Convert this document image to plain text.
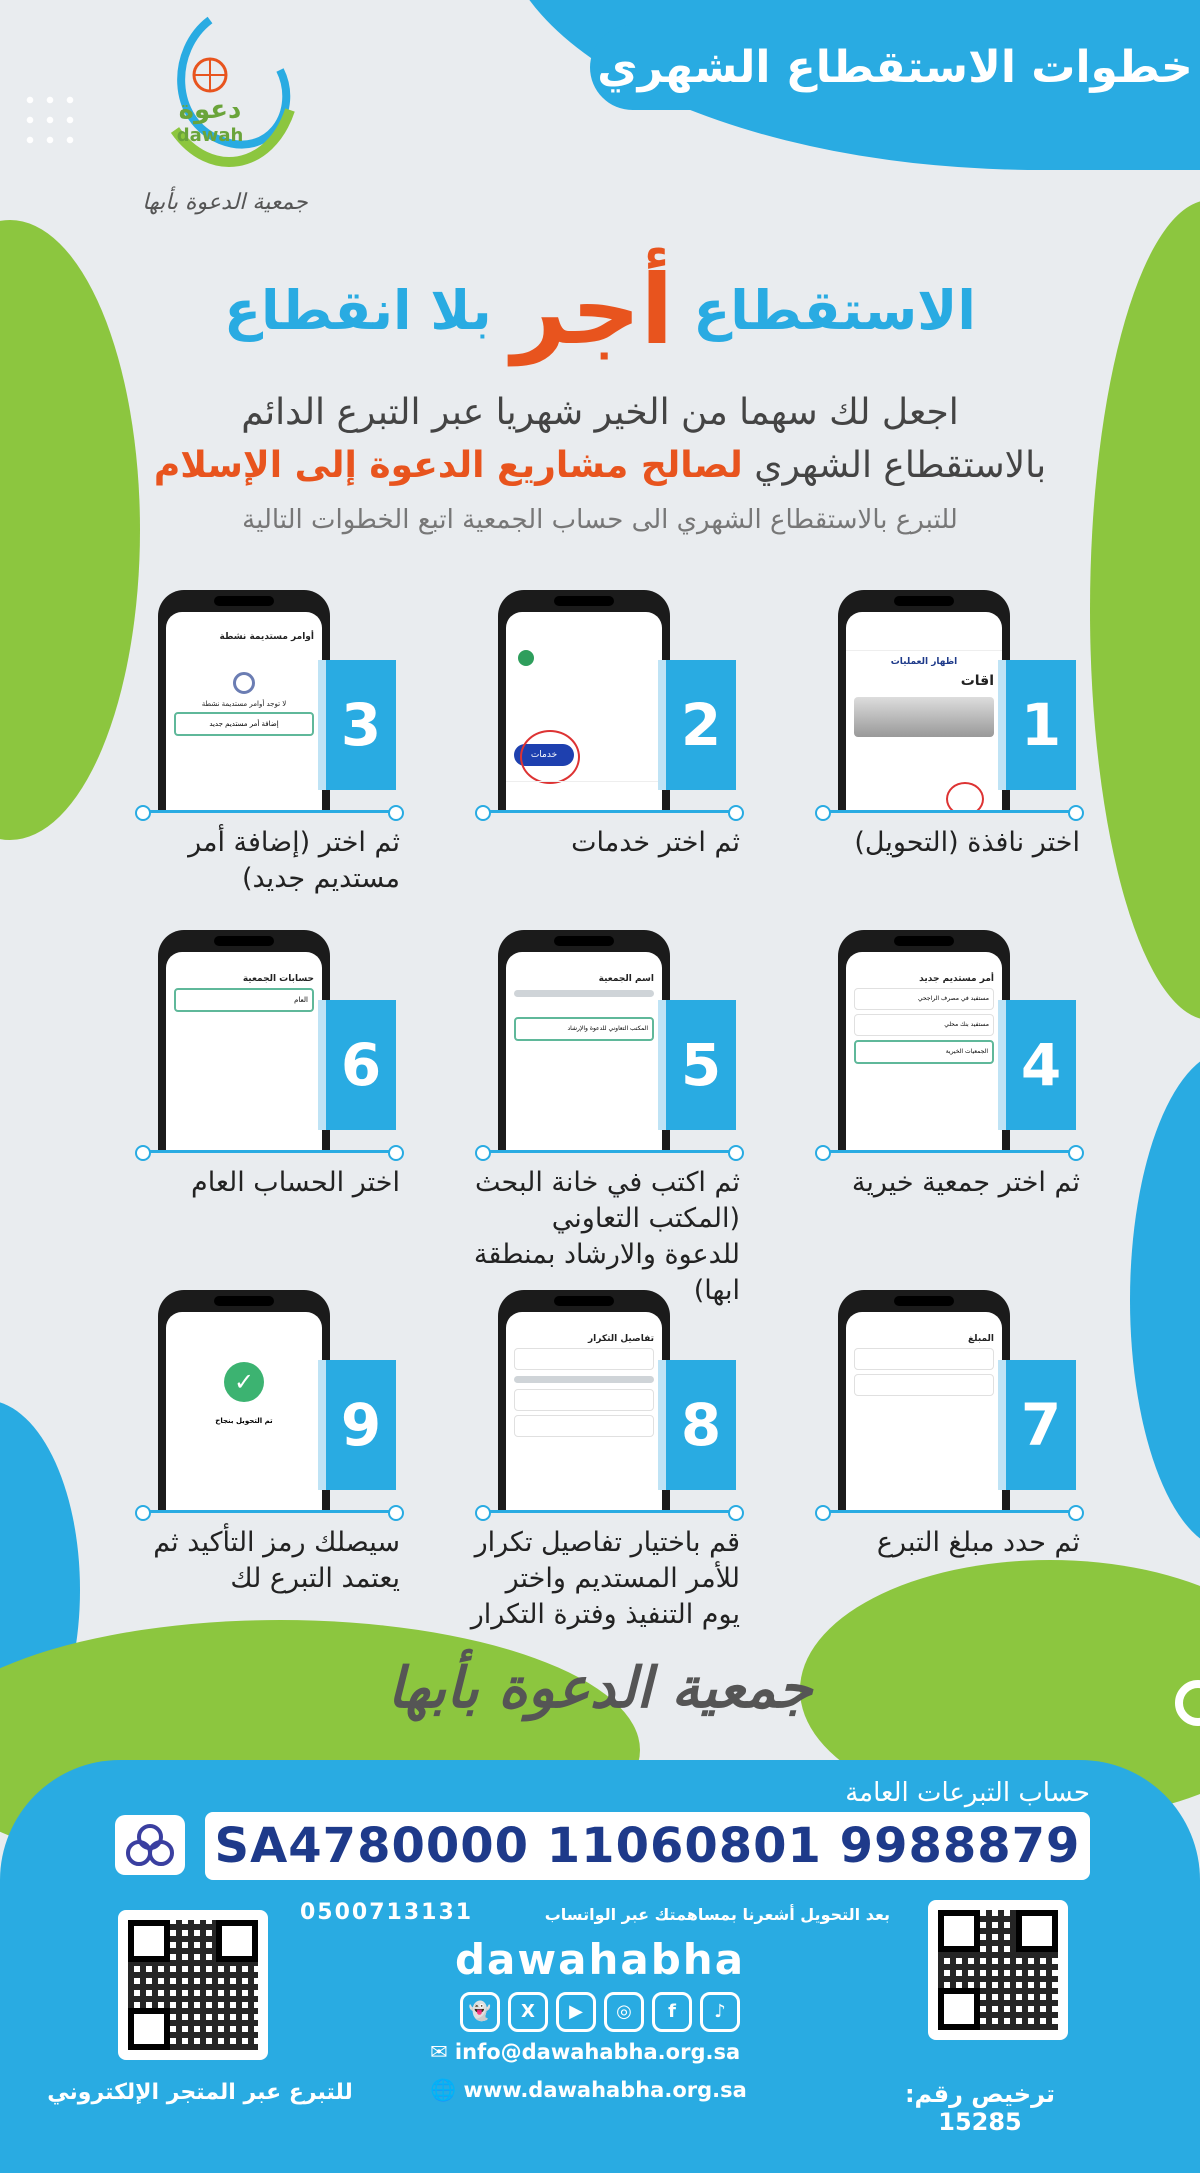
خطوات الاستقطاع الشهري
دعوة
dawah
جمعية الدعوة بأبها
الاستقطاع
أجر
بلا انقطاع
اجعل لك سهما من الخير شهريا عبر التبرع الدائم
بالاستقطاع الشهري لصالح مشاريع الدعوة إلى الإسلام
للتبرع بالاستقطاع الشهري الى حساب الجمعية اتبع الخطوات التالية
اظهار العمليات
اقات
1
اختر نافذة (التحويل)
خدمات 2
ثم اختر خدمات
أوامر مستديمة نشطة
لا توجد أوامر مستديمة نشطة
إضافة أمر مستديم جديد	3
ثم اختر (إضافة أمر مستديم جديد)
أمر مستديم جديد
مستفيد في مصرف الراجحي
مستفيد بنك محلي
الجمعيات الخيرية 4
ثم اختر جمعية خيرية
اسم الجمعية
المكتب التعاوني للدعوة والإرشاد
5
ثم اكتب في خانة البحث (المكتب التعاوني للدعوة والارشاد بمنطقة ابها)
حسابات الجمعية
العام
6
اختر الحساب العام
المبلغ
7
ثم حدد مبلغ التبرع
تفاصيل التكرار
8
قم باختيار تفاصيل تكرار للأمر المستديم واختر يوم التنفيذ وفترة التكرار
✓
تم التحويل بنجاح	9
سيصلك رمز التأكيد ثم يعتمد التبرع لك
جمعية الدعوة بأبها
حساب التبرعات العامة
SA4780000 11060801 9988879
بعد التحويل أشعرنا بمساهمتك عبر الواتساب
0500713131
dawahabha
👻 X ▶ ◎ f ♪
✉ info@dawahabha.org.sa
🌐 www.dawahabha.org.sa	ترخيص رقم: 15285
للتبرع عبر المتجر الإلكتروني
